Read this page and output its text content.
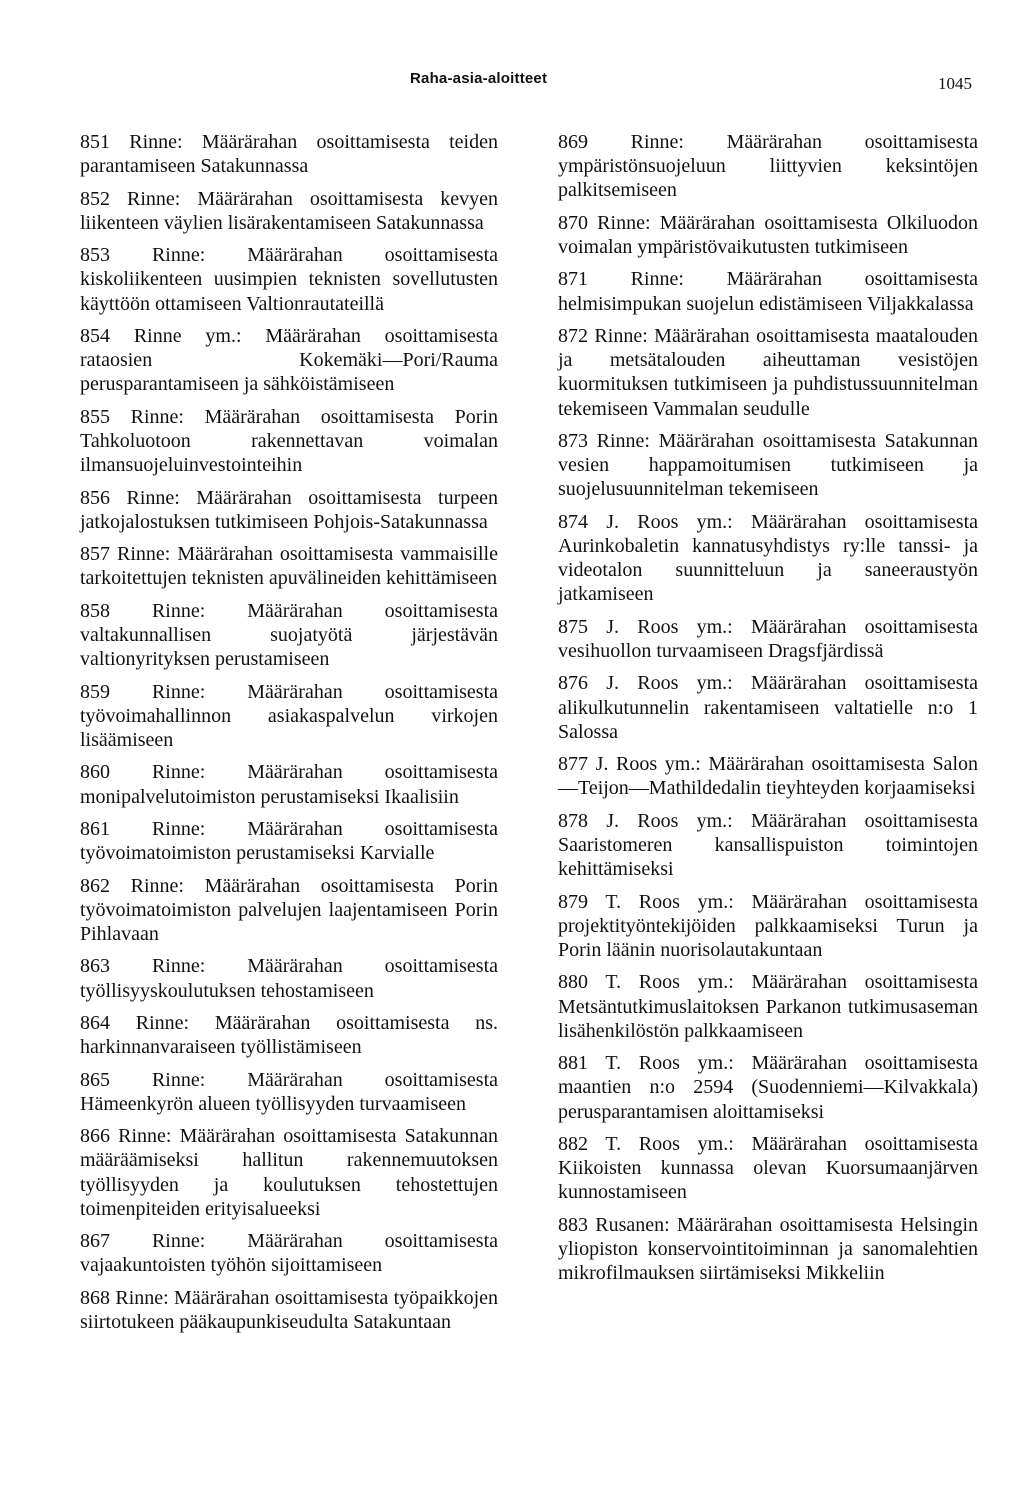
Raha-asia-aloitteet	1045

851 Rinne: Määrärahan osoittamisesta teiden parantamiseen Satakunnassa

852 Rinne: Määrärahan osoittamisesta kevyen liikenteen väylien lisärakentamiseen Satakunnassa

853 Rinne: Määrärahan osoittamisesta kiskoliikenteen uusimpien teknisten sovellutusten käyttöön ottamiseen Valtionrautateillä

854 Rinne ym.: Määrärahan osoittamisesta rataosien Kokemäki—Pori/Rauma perusparantamiseen ja sähköistämiseen

855 Rinne: Määrärahan osoittamisesta Porin Tahkoluotoon rakennettavan voimalan ilmansuojeluinvestointeihin

856 Rinne: Määrärahan osoittamisesta turpeen jatkojalostuksen tutkimiseen Pohjois-Satakunnassa

857 Rinne: Määrärahan osoittamisesta vammaisille tarkoitettujen teknisten apuvälineiden kehittämiseen

858 Rinne: Määrärahan osoittamisesta valtakunnallisen suojatyötä järjestävän valtionyrityksen perustamiseen

859 Rinne: Määrärahan osoittamisesta työvoimahallinnon asiakaspalvelun virkojen lisäämiseen

860 Rinne: Määrärahan osoittamisesta monipalvelutoimiston perustamiseksi Ikaalisiin

861 Rinne: Määrärahan osoittamisesta työvoimatoimiston perustamiseksi Karvialle

862 Rinne: Määrärahan osoittamisesta Porin työvoimatoimiston palvelujen laajentamiseen Porin Pihlavaan

863 Rinne: Määrärahan osoittamisesta työllisyyskoulutuksen tehostamiseen

864 Rinne: Määrärahan osoittamisesta ns. harkinnanvaraiseen työllistämiseen

865 Rinne: Määrärahan osoittamisesta Hämeenkyrön alueen työllisyyden turvaamiseen

866 Rinne: Määrärahan osoittamisesta Satakunnan määräämiseksi hallitun rakennemuutoksen työllisyyden ja koulutuksen tehostettujen toimenpiteiden erityisalueeksi

867 Rinne: Määrärahan osoittamisesta vajaakuntoisten työhön sijoittamiseen

868 Rinne: Määrärahan osoittamisesta työpaikkojen siirtotukeen pääkaupunkiseudulta Satakuntaan

869 Rinne: Määrärahan osoittamisesta ympäristönsuojeluun liittyvien keksintöjen palkitsemiseen

870 Rinne: Määrärahan osoittamisesta Olkiluodon voimalan ympäristövaikutusten tutkimiseen

871 Rinne: Määrärahan osoittamisesta helmisimpukan suojelun edistämiseen Viljakkalassa

872 Rinne: Määrärahan osoittamisesta maatalouden ja metsätalouden aiheuttaman vesistöjen kuormituksen tutkimiseen ja puhdistussuunnitelman tekemiseen Vammalan seudulle

873 Rinne: Määrärahan osoittamisesta Satakunnan vesien happamoitumisen tutkimiseen ja suojelusuunnitelman tekemiseen

874 J. Roos ym.: Määrärahan osoittamisesta Aurinkobaletin kannatusyhdistys ry:lle tanssi- ja videotalon suunnitteluun ja saneeraustyön jatkamiseen

875 J. Roos ym.: Määrärahan osoittamisesta vesihuollon turvaamiseen Dragsfjärdissä

876 J. Roos ym.: Määrärahan osoittamisesta alikulkutunnelin rakentamiseen valtatielle n:o 1 Salossa

877 J. Roos ym.: Määrärahan osoittamisesta Salon—Teijon—Mathildedalin tieyhteyden korjaamiseksi

878 J. Roos ym.: Määrärahan osoittamisesta Saaristomeren kansallispuiston toimintojen kehittämiseksi

879 T. Roos ym.: Määrärahan osoittamisesta projektityöntekijöiden palkkaamiseksi Turun ja Porin läänin nuorisolautakuntaan

880 T. Roos ym.: Määrärahan osoittamisesta Metsäntutkimuslaitoksen Parkanon tutkimusaseman lisähenkilöstön palkkaamiseen

881 T. Roos ym.: Määrärahan osoittamisesta maantien n:o 2594 (Suodenniemi—Kilvakkala) perusparantamisen aloittamiseksi

882 T. Roos ym.: Määrärahan osoittamisesta Kiikoisten kunnassa olevan Kuorsumaanjärven kunnostamiseen

883 Rusanen: Määrärahan osoittamisesta Helsingin yliopiston konservointitoiminnan ja sanomalehtien mikrofilmauksen siirtämiseksi Mikkeliin
